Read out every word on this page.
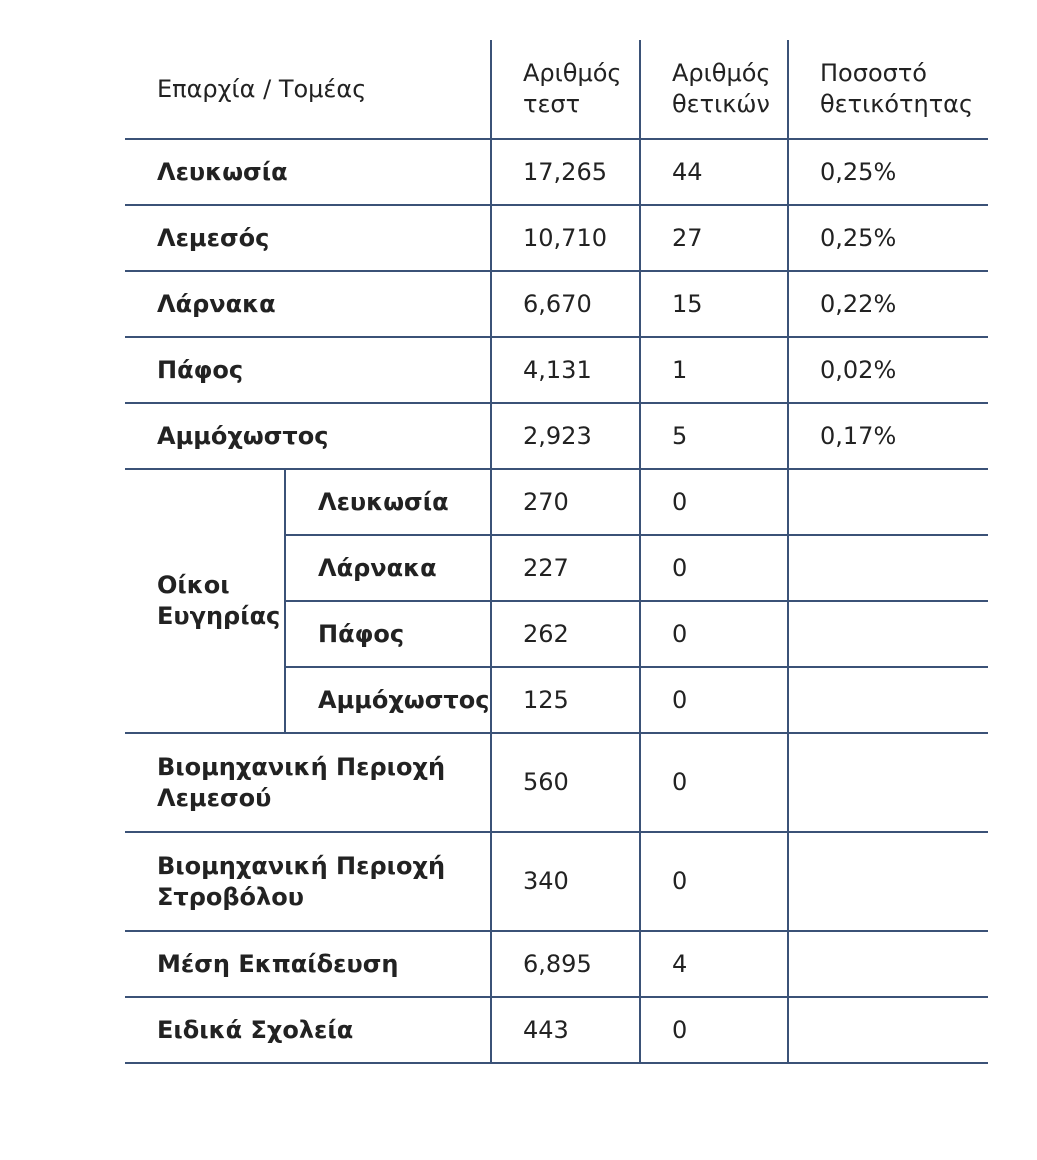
Επαρχία / Τομέας		Αριθμός τεστ	Αριθμός θετικών	Ποσοστό θετικότητας
Λευκωσία		17,265	44	0,25%
Λεμεσός		10,710	27	0,25%
Λάρνακα		6,670	15	0,22%
Πάφος		4,131	1	0,02%
Αμμόχωστος		2,923	5	0,17%
Οίκοι Ευγηρίας	Λευκωσία	270	0	
	Λάρνακα	227	0	
	Πάφος	262	0	
	Αμμόχωστος	125	0	
Βιομηχανική Περιοχή Λεμεσού		560	0	
Βιομηχανική Περιοχή Στροβόλου		340	0	
Μέση Εκπαίδευση		6,895	4	
Ειδικά Σχολεία		443	0	
